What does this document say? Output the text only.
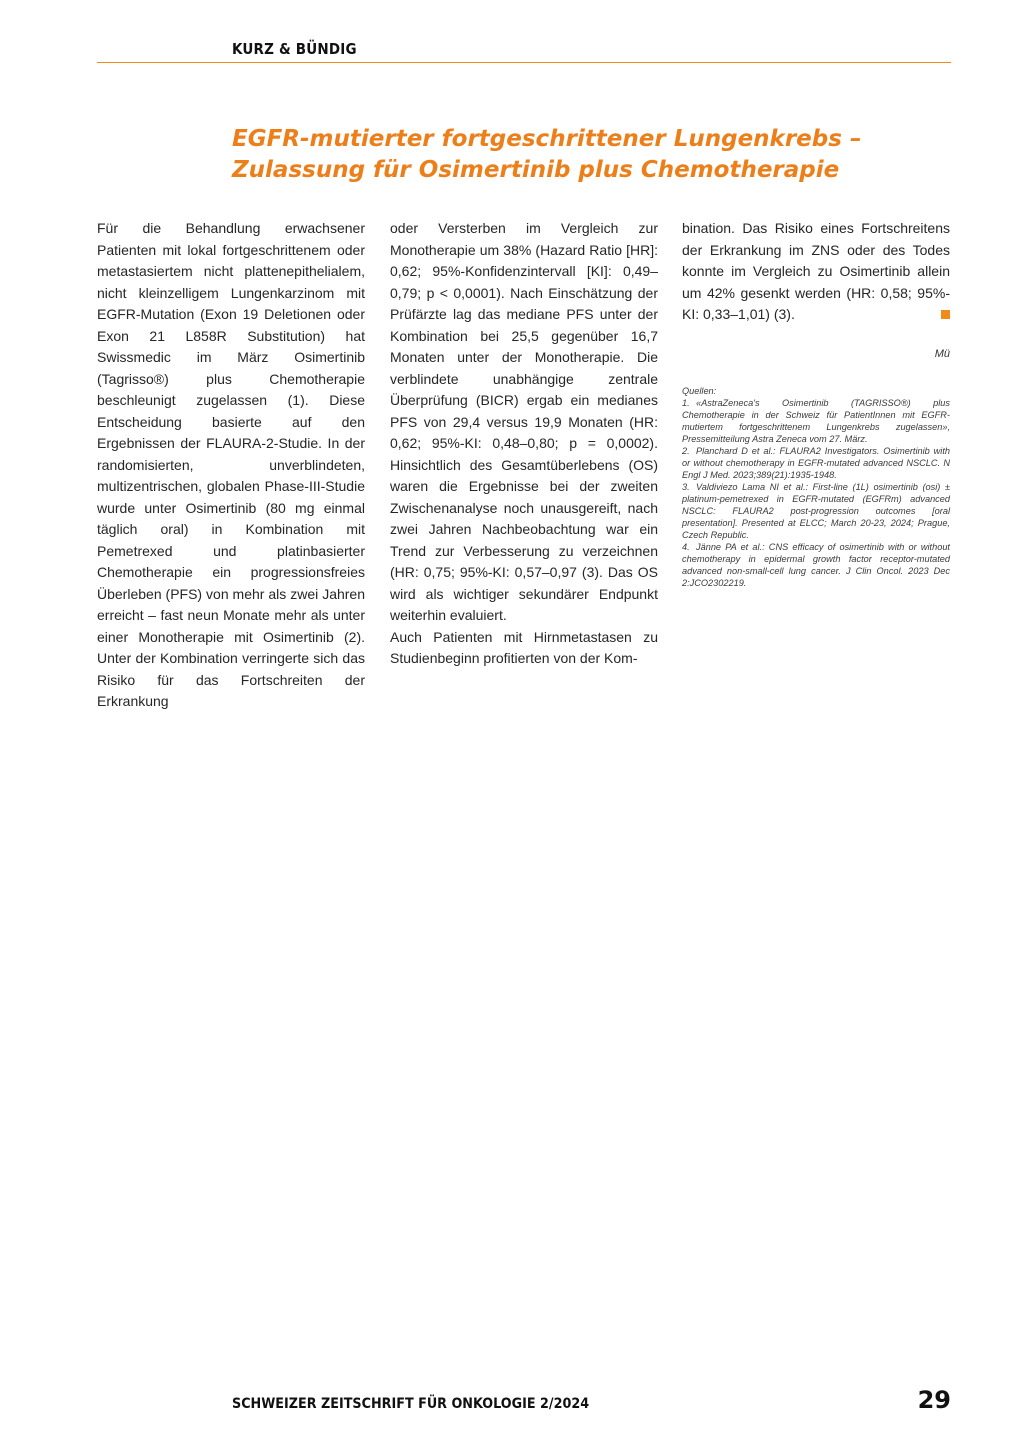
KURZ & BÜNDIG
EGFR-mutierter fortgeschrittener Lungenkrebs –
Zulassung für Osimertinib plus Chemotherapie

Für die Behandlung erwachsener Patienten mit lokal fortgeschrittenem oder metastasiertem nicht plattenepithelialem, nicht kleinzelligem Lungenkarzinom mit EGFR-Mutation (Exon 19 Deletionen oder Exon 21 L858R Substitution) hat Swissmedic im März Osimertinib (Tagrisso®) plus Chemotherapie beschleunigt zugelassen (1). Diese Entscheidung basierte auf den Ergebnissen der FLAURA-2-Studie. In der randomisierten, unverblindeten, multizentrischen, globalen Phase-III-Studie wurde unter Osimertinib (80 mg einmal täglich oral) in Kombination mit Pemetrexed und platinbasierter Chemotherapie ein progressionsfreies Überleben (PFS) von mehr als zwei Jahren erreicht – fast neun Monate mehr als unter einer Monotherapie mit Osimertinib (2). Unter der Kombination verringerte sich das Risiko für das Fortschreiten der Erkrankung

oder Versterben im Vergleich zur Monotherapie um 38% (Hazard Ratio [HR]: 0,62; 95%-Konfidenzintervall [KI]: 0,49–0,79; p < 0,0001). Nach Einschätzung der Prüfärzte lag das mediane PFS unter der Kombination bei 25,5 gegenüber 16,7 Monaten unter der Monotherapie. Die verblindete unabhängige zentrale Überprüfung (BICR) ergab ein medianes PFS von 29,4 versus 19,9 Monaten (HR: 0,62; 95%-KI: 0,48–0,80; p = 0,0002). Hinsichtlich des Gesamtüberlebens (OS) waren die Ergebnisse bei der zweiten Zwischenanalyse noch unausgereift, nach zwei Jahren Nachbeobachtung war ein Trend zur Verbesserung zu verzeichnen (HR: 0,75; 95%-KI: 0,57–0,97 (3). Das OS wird als wichtiger sekundärer Endpunkt weiterhin evaluiert.

Auch Patienten mit Hirnmetastasen zu Studienbeginn profitierten von der Kom-

bination. Das Risiko eines Fortschreitens der Erkrankung im ZNS oder des Todes konnte im Vergleich zu Osimertinib allein um 42% gesenkt werden (HR: 0,58; 95%-KI: 0,33–1,01) (3).

Mü

Quellen:

1. «AstraZeneca's Osimertinib (TAGRISSO®) plus Chemotherapie in der Schweiz für PatientInnen mit EGFR-mutiertem fortgeschrittenem Lungenkrebs zugelassen», Pressemitteilung Astra Zeneca vom 27. März.

2. Planchard D et al.: FLAURA2 Investigators. Osimertinib with or without chemotherapy in EGFR-mutated advanced NSCLC. N Engl J Med. 2023;389(21):1935-1948.

3. Valdiviezo Lama NI et al.: First-line (1L) osimertinib (osi) ± platinum-pemetrexed in EGFR-mutated (EGFRm) advanced NSCLC: FLAURA2 post-progression outcomes [oral presentation]. Presented at ELCC; March 20-23, 2024; Prague, Czech Republic.

4. Jänne PA et al.: CNS efficacy of osimertinib with or without chemotherapy in epidermal growth factor receptor-mutated advanced non-small-cell lung cancer. J Clin Oncol. 2023 Dec 2:JCO2302219.

SCHWEIZER ZEITSCHRIFT FÜR ONKOLOGIE 2/2024	29
